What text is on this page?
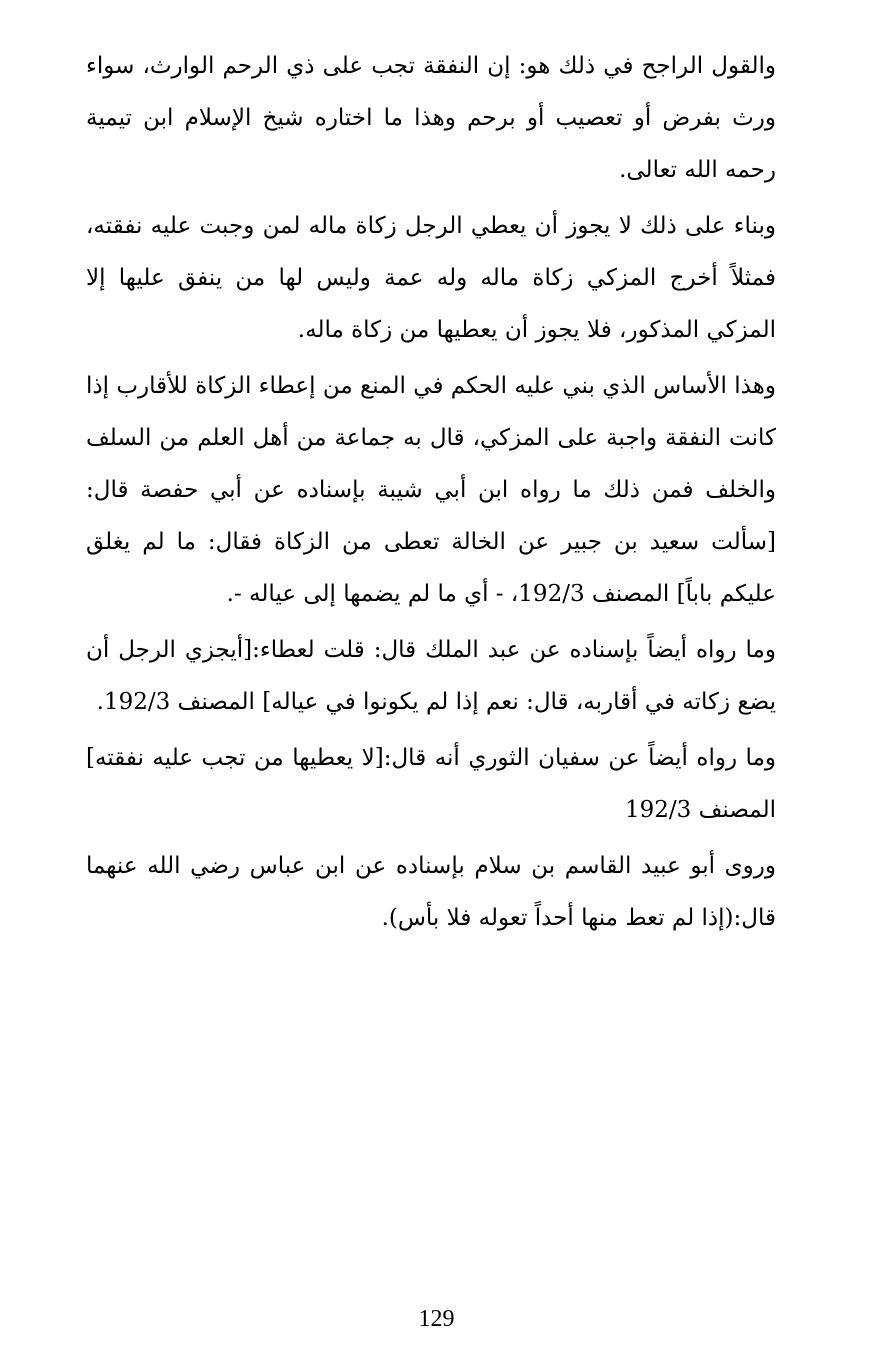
والقول الراجح في ذلك هو: إن النفقة تجب على ذي الرحم الوارث، سواء ورث بفرض أو تعصيب أو برحم وهذا ما اختاره شيخ الإسلام ابن تيمية رحمه الله تعالى.

وبناء على ذلك لا يجوز أن يعطي الرجل زكاة ماله لمن وجبت عليه نفقته، فمثلاً أخرج المزكي زكاة ماله وله عمة وليس لها من ينفق عليها إلا المزكي المذكور، فلا يجوز أن يعطيها من زكاة ماله.

وهذا الأساس الذي بني عليه الحكم في المنع من إعطاء الزكاة للأقارب إذا كانت النفقة واجبة على المزكي، قال به جماعة من أهل العلم من السلف والخلف فمن ذلك ما رواه ابن أبي شيبة بإسناده عن أبي حفصة قال:[سألت سعيد بن جبير عن الخالة تعطى من الزكاة فقال: ما لم يغلق عليكم باباً] المصنف 192/3، - أي ما لم يضمها إلى عياله -.

وما رواه أيضاً بإسناده عن عبد الملك قال: قلت لعطاء:[أيجزي الرجل أن يضع زكاته في أقاربه، قال: نعم إذا لم يكونوا في عياله] المصنف 192/3.

وما رواه أيضاً عن سفيان الثوري أنه قال:[لا يعطيها من تجب عليه نفقته] المصنف 192/3

وروى أبو عبيد القاسم بن سلام بإسناده عن ابن عباس رضي الله عنهما قال:(إذا لم تعط منها أحداً تعوله فلا بأس).

129
